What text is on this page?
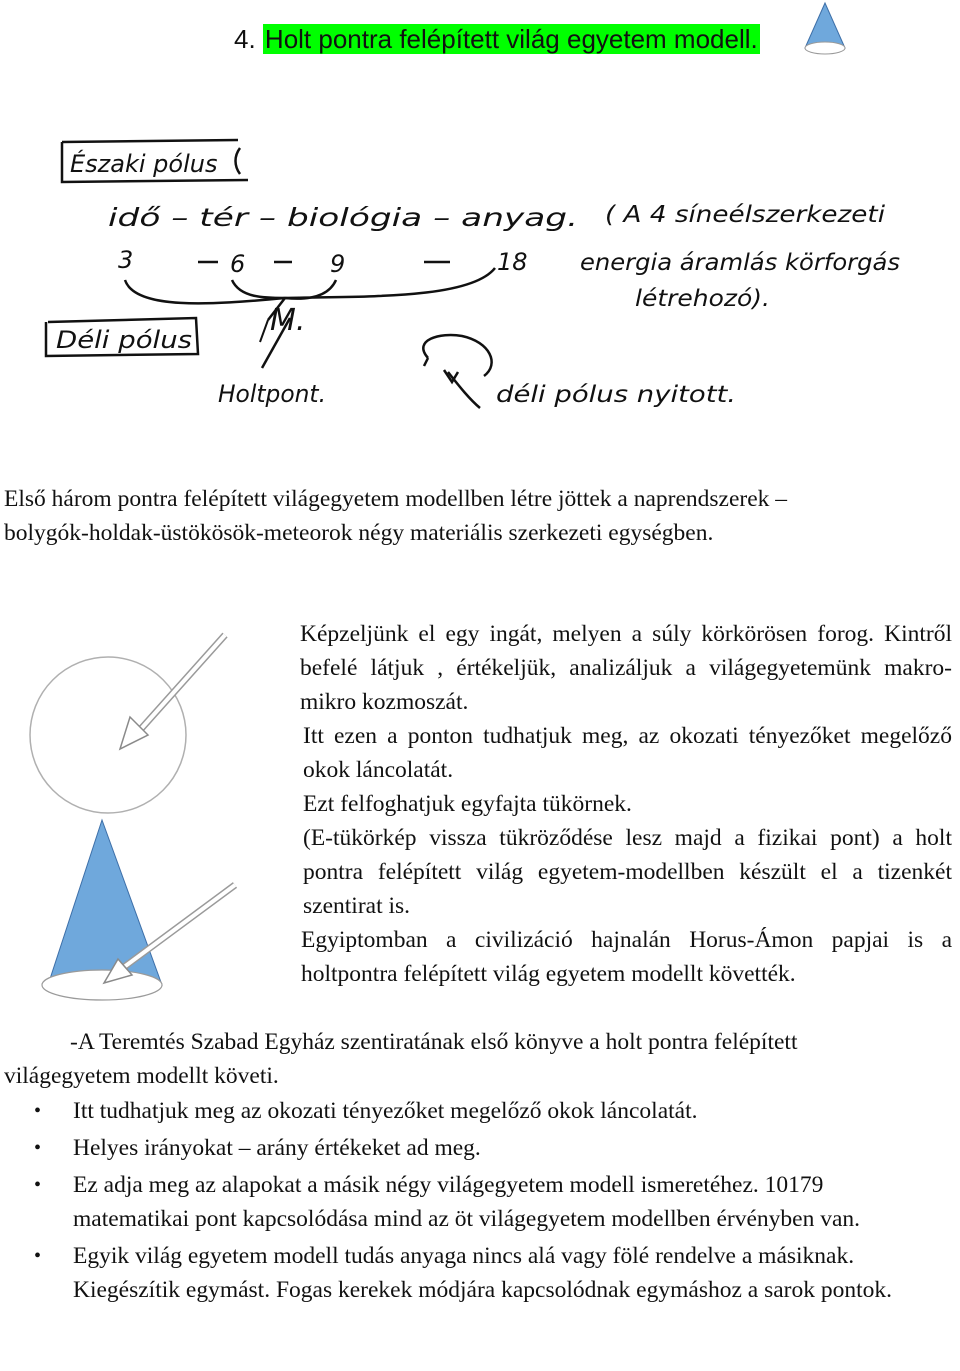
4. Holt pontra felépített világ egyetem modell.
Északi pólus
idő – tér – biológia – anyag. ( A 4 síneélszerkezeti
energia áramlás körforgás
létrehozó).
3	6	9	18
M.
Déli pólus
Holtpont.	déli pólus nyitott.
Első három pontra felépített világegyetem modellben létre jöttek a naprendszerek – bolygók-holdak-üstökösök-meteorok négy materiális szerkezeti egységben.
Képzeljünk el egy ingát, melyen a súly körkörösen forog. Kintről befelé látjuk , értékeljük, analizáljuk a világegyetemünk makro-mikro kozmoszát.
Itt ezen a ponton tudhatjuk meg, az okozati tényezőket megelőző okok láncolatát.
Ezt felfoghatjuk egyfajta tükörnek.
(E-tükörkép vissza tükröződése lesz majd a fizikai pont) a holt pontra felépített világ egyetem-modellben készült el a tizenkét szentirat is.
Egyiptomban a civilizáció hajnalán Horus-Ámon papjai is a holtpontra felépített világ egyetem modellt követték.
-A Teremtés Szabad Egyház szentiratának első könyve a holt pontra felépített világegyetem modellt követi.
• Itt tudhatjuk meg az okozati tényezőket megelőző okok láncolatát.
• Helyes irányokat – arány értékeket ad meg.
• Ez adja meg az alapokat a másik négy világegyetem modell ismeretéhez. 10179 matematikai pont kapcsolódása mind az öt világegyetem modellben érvényben van.
• Egyik világ egyetem modell tudás anyaga nincs alá vagy fölé rendelve a másiknak. Kiegészítik egymást. Fogas kerekek módjára kapcsolódnak egymáshoz a sarok pontok.
